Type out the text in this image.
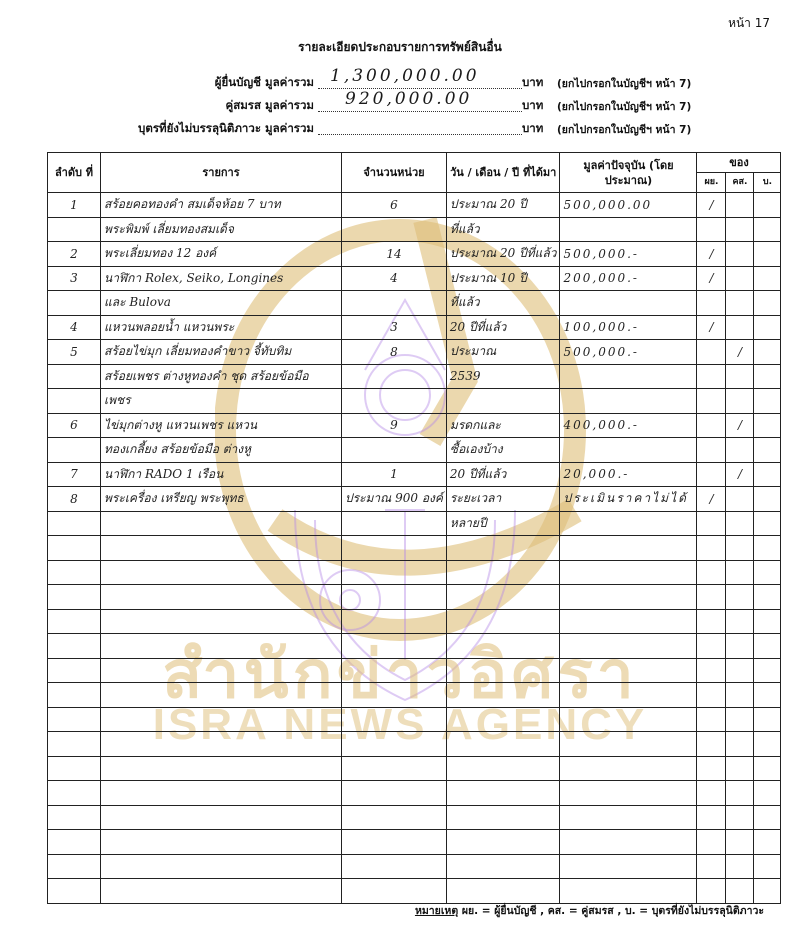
สำนักข่าวอิศรา
ISRA NEWS AGENCY
หน้า 17
รายละเอียดประกอบรายการทรัพย์สินอื่น
ผู้ยื่นบัญชี มูลค่ารวม 1,300,000.00	บาท (ยกไปกรอกในบัญชีฯ หน้า 7)
คู่สมรส มูลค่ารวม 920,000.00	บาท (ยกไปกรอกในบัญชีฯ หน้า 7)
บุตรที่ยังไม่บรรลุนิติภาวะ มูลค่ารวม	บาท (ยกไปกรอกในบัญชีฯ หน้า 7)
ลำดับ ที่	รายการ	จำนวนหน่วย	วัน / เดือน / ปี ที่ได้มา	มูลค่าปัจจุบัน (โดยประมาณ)	ของ		
					ผย.	คส.	บ.
1	สร้อยคอทองคำ สมเด็จห้อย 7 บาท	6	ประมาณ 20 ปี	500,000.00	/		
	พระพิมพ์ เลี่ยมทองสมเด็จ		ที่แล้ว				
2	พระเลี่ยมทอง 12 องค์	14	ประมาณ 20 ปีที่แล้ว	500,000.-	/		
3	นาฬิกา Rolex, Seiko, Longines	4	ประมาณ 10 ปี	200,000.-	/		
	และ Bulova		ที่แล้ว				
4	แหวนพลอยน้ำ แหวนพระ	3	20 ปีที่แล้ว	100,000.-	/		
5	สร้อยไข่มุก เลี่ยมทองคำขาว จี้ทับทิม	8	ประมาณ	500,000.-		/	
	สร้อยเพชร ต่างหูทองคำ ชุด สร้อยข้อมือ		2539				
	เพชร						
6	ไข่มุกต่างหู แหวนเพชร แหวน	9	มรดกและ	400,000.-		/	
	ทองเกลี้ยง สร้อยข้อมือ ต่างหู		ซื้อเองบ้าง				
7	นาฬิกา RADO 1 เรือน	1	20 ปีที่แล้ว	20,000.-		/	
8	พระเครื่อง เหรียญ พระพุทธ	ประมาณ 900 องค์	ระยะเวลา	ประเมินราคาไม่ได้	/		
			หลายปี				

หมายเหตุ ผย. = ผู้ยื่นบัญชี , คส. = คู่สมรส , บ. = บุตรที่ยังไม่บรรลุนิติภาวะ
